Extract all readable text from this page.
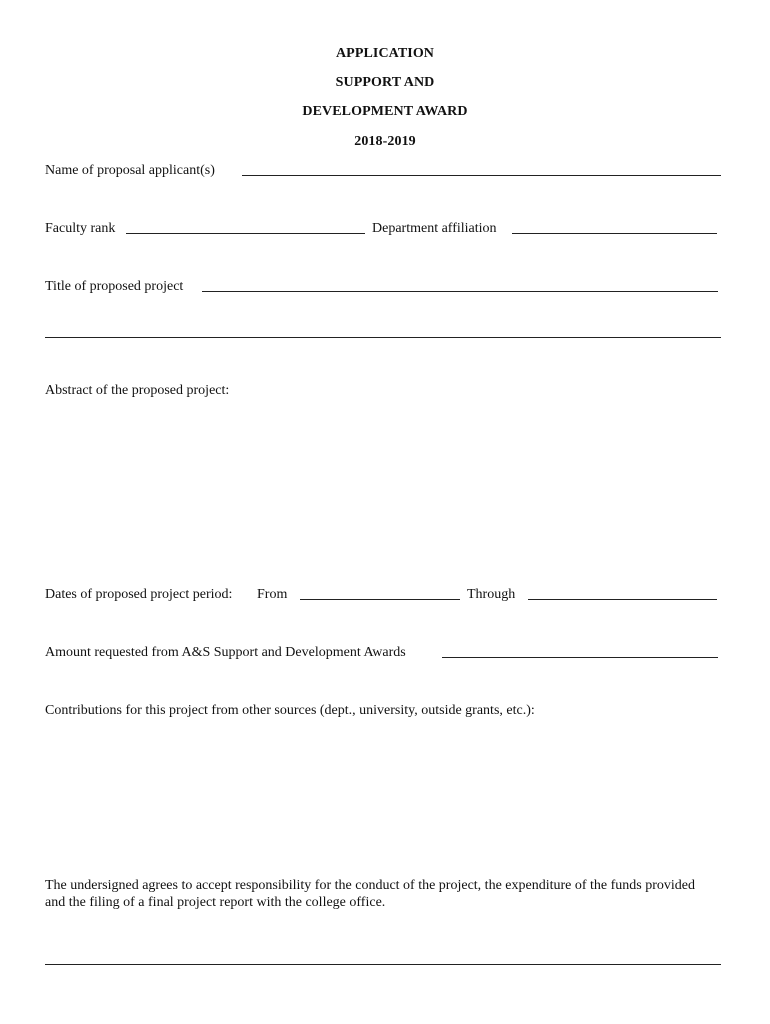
APPLICATION
SUPPORT AND
DEVELOPMENT AWARD
2018-2019
Name of proposal applicant(s)
Faculty rank	Department affiliation
Title of proposed project
Abstract of the proposed project:
Dates of proposed project period: From	Through
Amount requested from A&S Support and Development Awards
Contributions for this project from other sources (dept., university, outside grants, etc.):
The undersigned agrees to accept responsibility for the conduct of the project, the expenditure of the funds provided and the filing of a final project report with the college office.
